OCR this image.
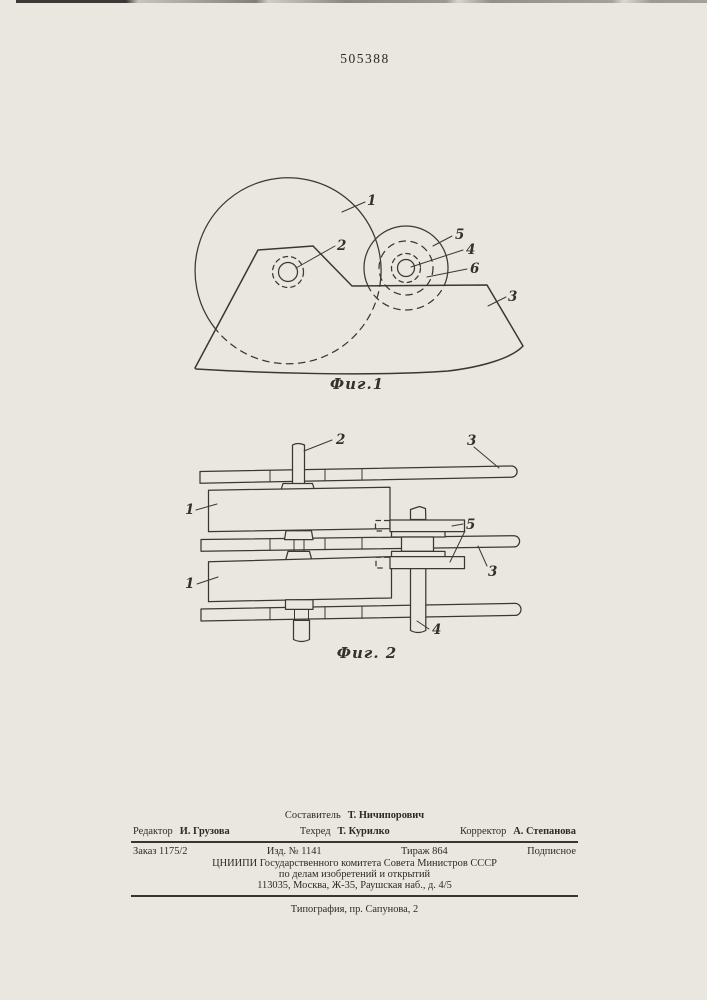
505388
1
2
5
4
6
3
Фиг.1
2	3
1
5
3
1
4
Фиг. 2
Составитель Т. Ничипорович
Редактор И. Грузова	Техред Т. Курилко	Корректор А. Степанова
Заказ 1175/2	Изд. № 1141	Тираж 864	Подписное
ЦНИИПИ Государственного комитета Совета Министров СССР
по делам изобретений и открытий
113035, Москва, Ж-35, Раушская наб., д. 4/5
Типография, пр. Сапунова, 2
